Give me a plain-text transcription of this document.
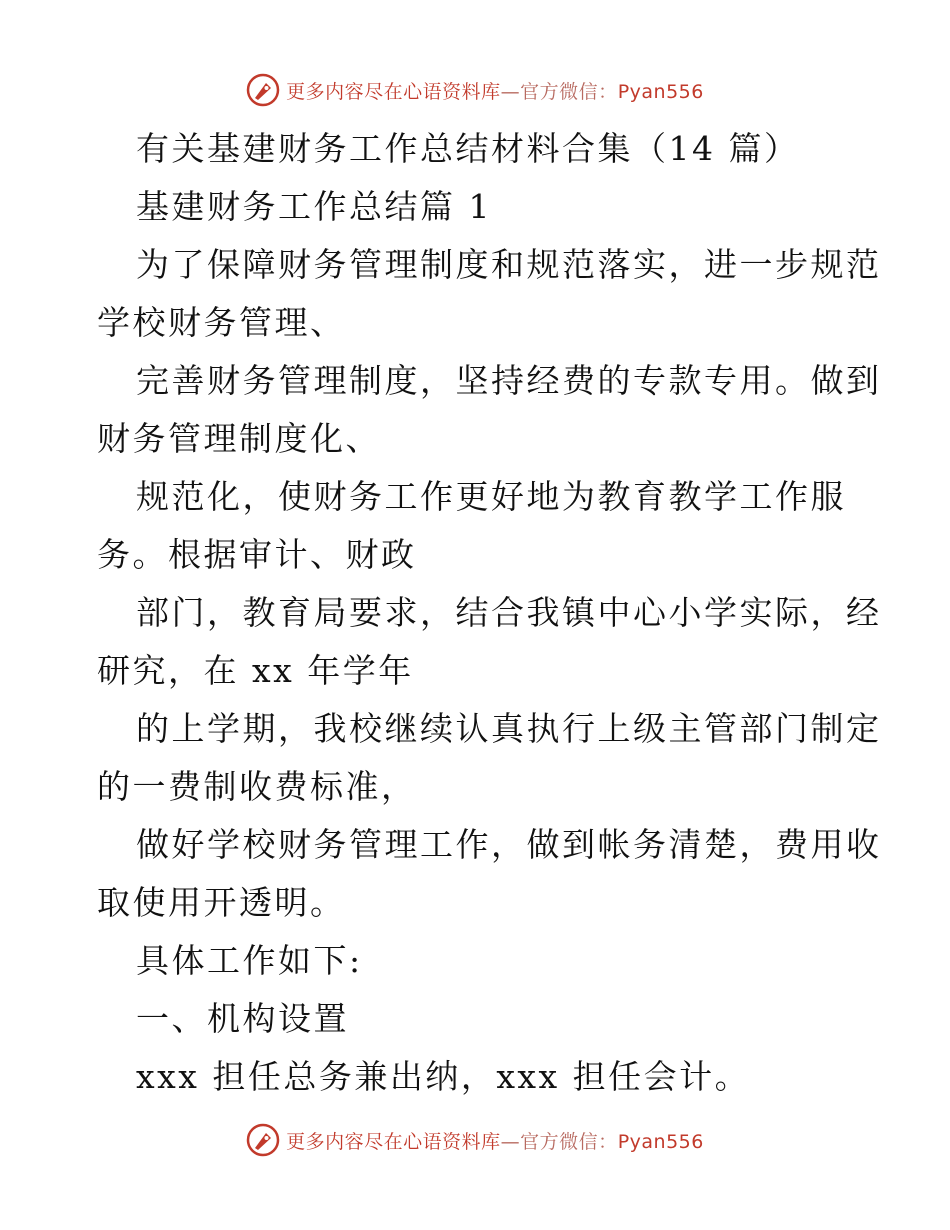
更多内容尽在心语资料库—官方微信：Pyan556
有关基建财务工作总结材料合集（14 篇）
基建财务工作总结篇 1
为了保障财务管理制度和规范落实，进一步规范
学校财务管理、
完善财务管理制度，坚持经费的专款专用。做到
财务管理制度化、
规范化，使财务工作更好地为教育教学工作服
务。根据审计、财政
部门，教育局要求，结合我镇中心小学实际，经
研究，在 xx 年学年
的上学期，我校继续认真执行上级主管部门制定
的一费制收费标准，
做好学校财务管理工作，做到帐务清楚，费用收
取使用开透明。
具体工作如下:
一、机构设置
xxx 担任总务兼出纳，xxx 担任会计。
更多内容尽在心语资料库—官方微信：Pyan556
